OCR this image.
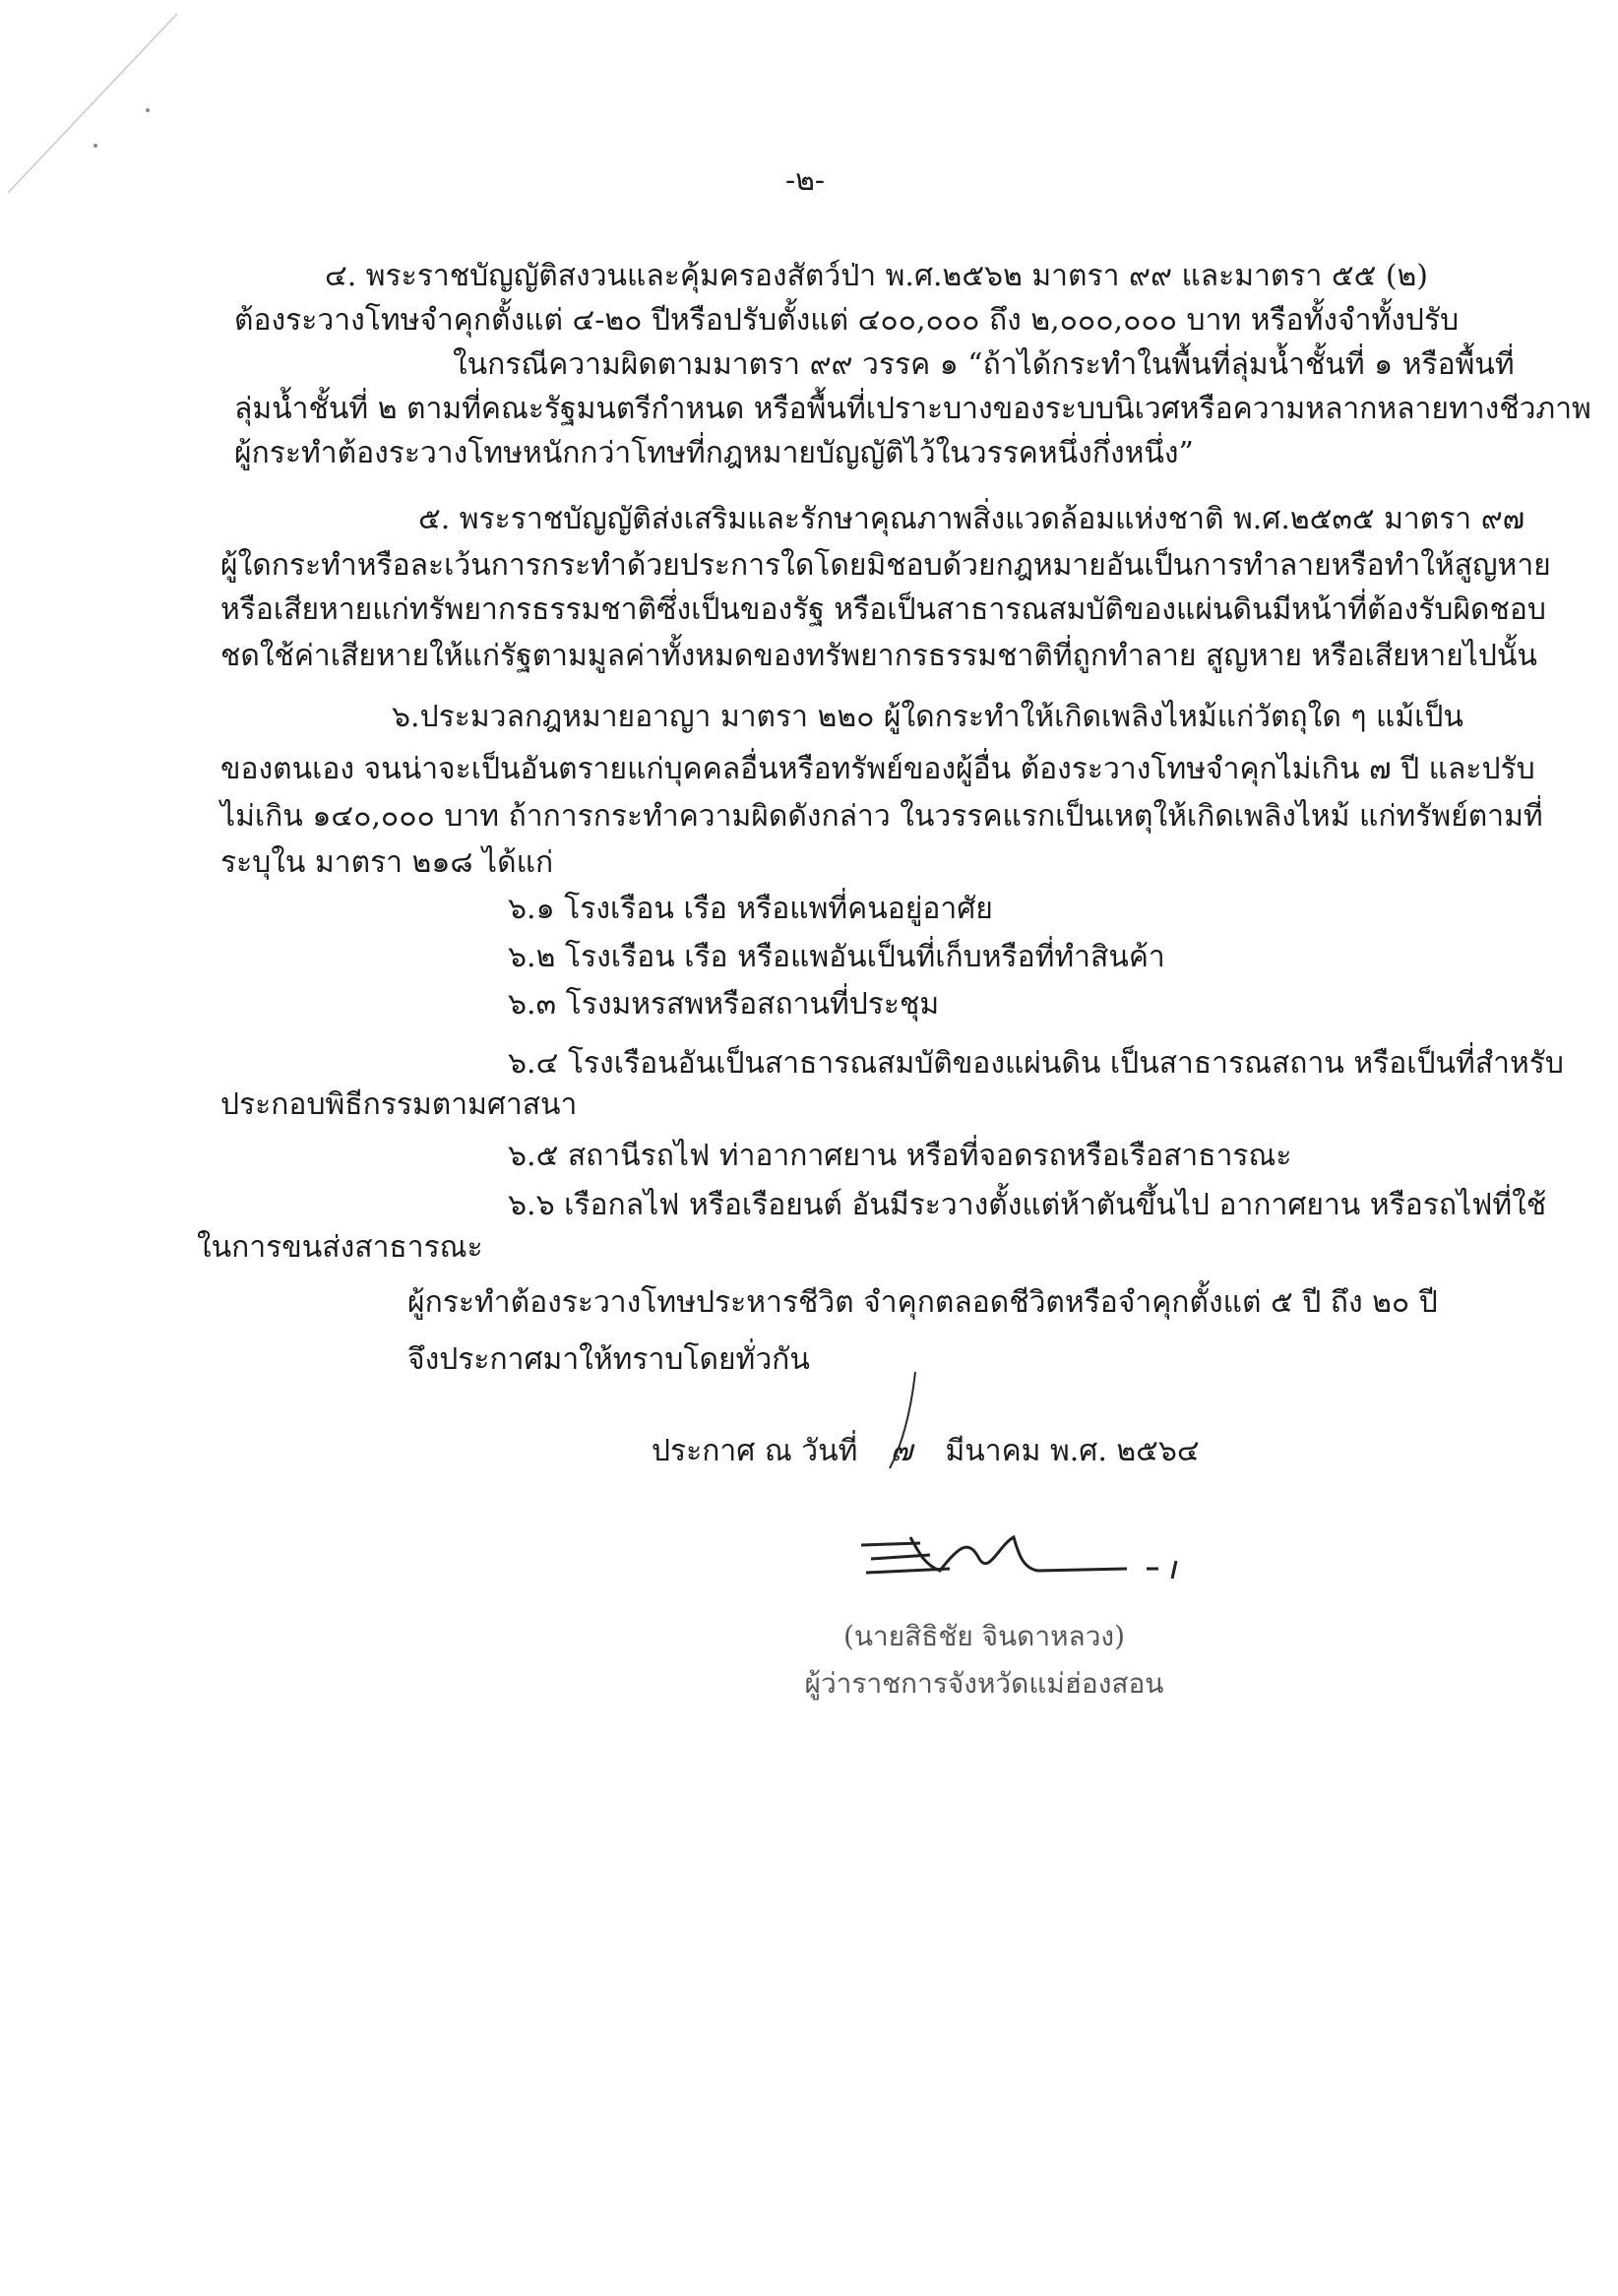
-๒-
๔. พระราชบัญญัติสงวนและคุ้มครองสัตว์ป่า พ.ศ.๒๕๖๒ มาตรา ๙๙ และมาตรา ๕๕ (๒)
ต้องระวางโทษจำคุกตั้งแต่ ๔-๒๐ ปีหรือปรับตั้งแต่ ๔๐๐,๐๐๐ ถึง ๒,๐๐๐,๐๐๐ บาท หรือทั้งจำทั้งปรับ
ในกรณีความผิดตามมาตรา ๙๙ วรรค ๑ “ถ้าได้กระทำในพื้นที่ลุ่มน้ำชั้นที่ ๑ หรือพื้นที่
ลุ่มน้ำชั้นที่ ๒ ตามที่คณะรัฐมนตรีกำหนด หรือพื้นที่เปราะบางของระบบนิเวศหรือความหลากหลายทางชีวภาพ
ผู้กระทำต้องระวางโทษหนักกว่าโทษที่กฎหมายบัญญัติไว้ในวรรคหนึ่งกึ่งหนึ่ง”
๕. พระราชบัญญัติส่งเสริมและรักษาคุณภาพสิ่งแวดล้อมแห่งชาติ พ.ศ.๒๕๓๕ มาตรา ๙๗
ผู้ใดกระทำหรือละเว้นการกระทำด้วยประการใดโดยมิชอบด้วยกฎหมายอันเป็นการทำลายหรือทำให้สูญหาย
หรือเสียหายแก่ทรัพยากรธรรมชาติซึ่งเป็นของรัฐ หรือเป็นสาธารณสมบัติของแผ่นดินมีหน้าที่ต้องรับผิดชอบ
ชดใช้ค่าเสียหายให้แก่รัฐตามมูลค่าทั้งหมดของทรัพยากรธรรมชาติที่ถูกทำลาย สูญหาย หรือเสียหายไปนั้น
๖.ประมวลกฎหมายอาญา มาตรา ๒๒๐ ผู้ใดกระทำให้เกิดเพลิงไหม้แก่วัตถุใด ๆ แม้เป็น
ของตนเอง จนน่าจะเป็นอันตรายแก่บุคคลอื่นหรือทรัพย์ของผู้อื่น ต้องระวางโทษจำคุกไม่เกิน ๗ ปี และปรับ
ไม่เกิน ๑๔๐,๐๐๐ บาท ถ้าการกระทำความผิดดังกล่าว ในวรรคแรกเป็นเหตุให้เกิดเพลิงไหม้ แก่ทรัพย์ตามที่
ระบุใน มาตรา ๒๑๘ ได้แก่
๖.๑ โรงเรือน เรือ หรือแพที่คนอยู่อาศัย
๖.๒ โรงเรือน เรือ หรือแพอันเป็นที่เก็บหรือที่ทำสินค้า
๖.๓ โรงมหรสพหรือสถานที่ประชุม
๖.๔ โรงเรือนอันเป็นสาธารณสมบัติของแผ่นดิน เป็นสาธารณสถาน หรือเป็นที่สำหรับ
ประกอบพิธีกรรมตามศาสนา
๖.๕ สถานีรถไฟ ท่าอากาศยาน หรือที่จอดรถหรือเรือสาธารณะ
๖.๖ เรือกลไฟ หรือเรือยนต์ อันมีระวางตั้งแต่ห้าตันขึ้นไป อากาศยาน หรือรถไฟที่ใช้
ในการขนส่งสาธารณะ
ผู้กระทำต้องระวางโทษประหารชีวิต จำคุกตลอดชีวิตหรือจำคุกตั้งแต่ ๕ ปี ถึง ๒๐ ปี
จึงประกาศมาให้ทราบโดยทั่วกัน
ประกาศ ณ วันที่ ๗ มีนาคม พ.ศ. ๒๕๖๔
(นายสิธิชัย จินดาหลวง)
ผู้ว่าราชการจังหวัดแม่ฮ่องสอน
